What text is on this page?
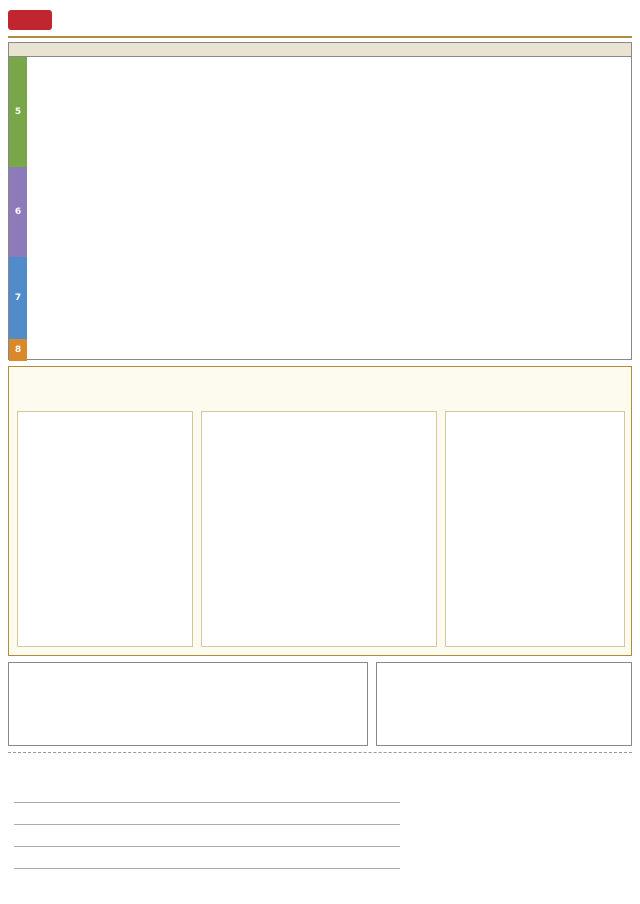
5
6
7
8
